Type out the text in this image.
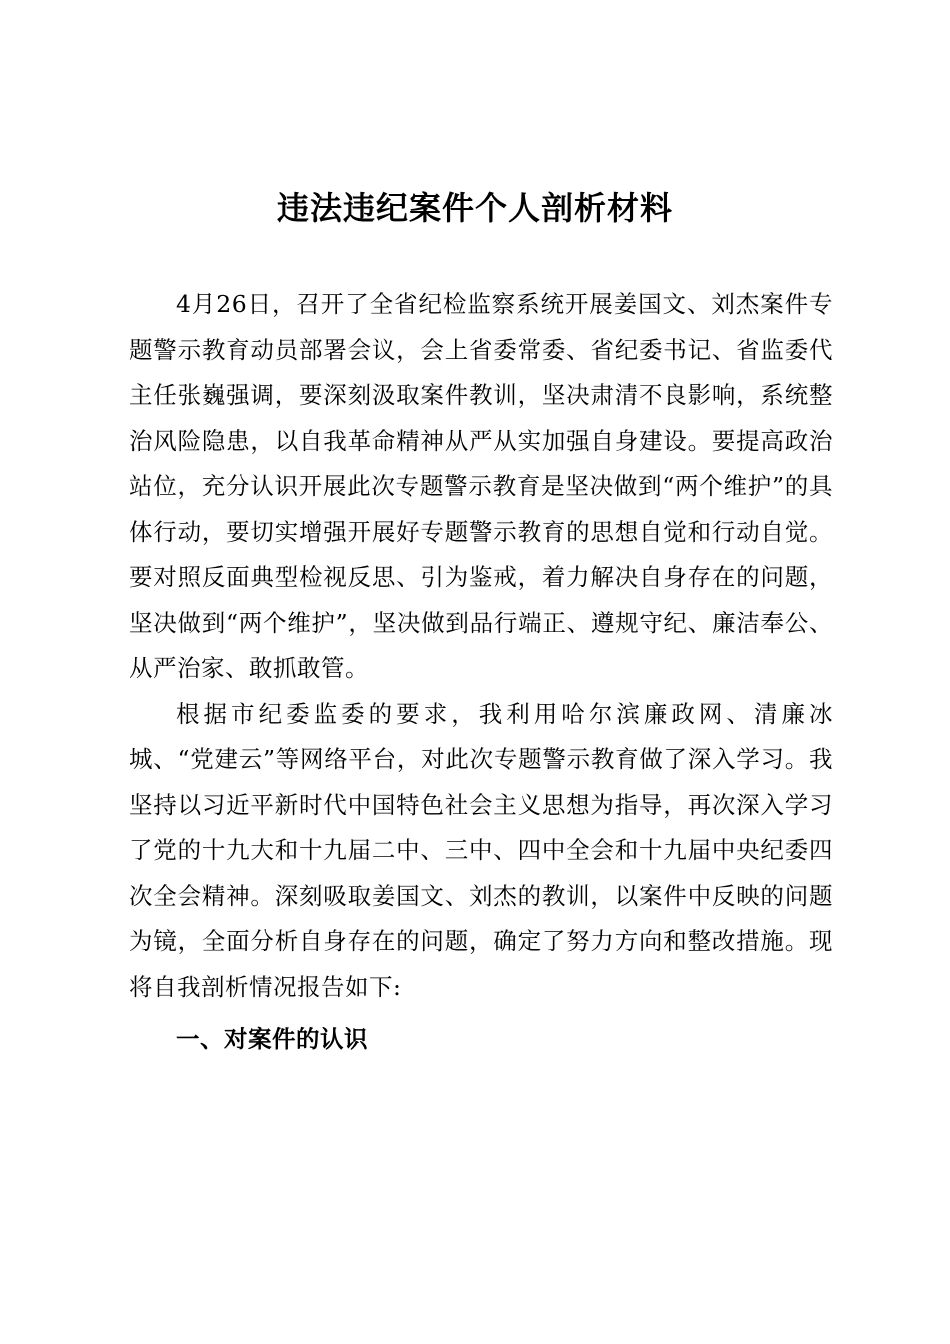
违法违纪案件个人剖析材料

4月26日，召开了全省纪检监察系统开展姜国文、刘杰案件专题警示教育动员部署会议，会上省委常委、省纪委书记、省监委代主任张巍强调，要深刻汲取案件教训，坚决肃清不良影响，系统整治风险隐患，以自我革命精神从严从实加强自身建设。要提高政治站位，充分认识开展此次专题警示教育是坚决做到“两个维护”的具体行动，要切实增强开展好专题警示教育的思想自觉和行动自觉。要对照反面典型检视反思、引为鉴戒，着力解决自身存在的问题，坚决做到“两个维护”，坚决做到品行端正、遵规守纪、廉洁奉公、从严治家、敢抓敢管。

根据市纪委监委的要求，我利用哈尔滨廉政网、清廉冰城、“党建云”等网络平台，对此次专题警示教育做了深入学习。我坚持以习近平新时代中国特色社会主义思想为指导，再次深入学习了党的十九大和十九届二中、三中、四中全会和十九届中央纪委四次全会精神。深刻吸取姜国文、刘杰的教训，以案件中反映的问题为镜，全面分析自身存在的问题，确定了努力方向和整改措施。现将自我剖析情况报告如下:

一、对案件的认识
